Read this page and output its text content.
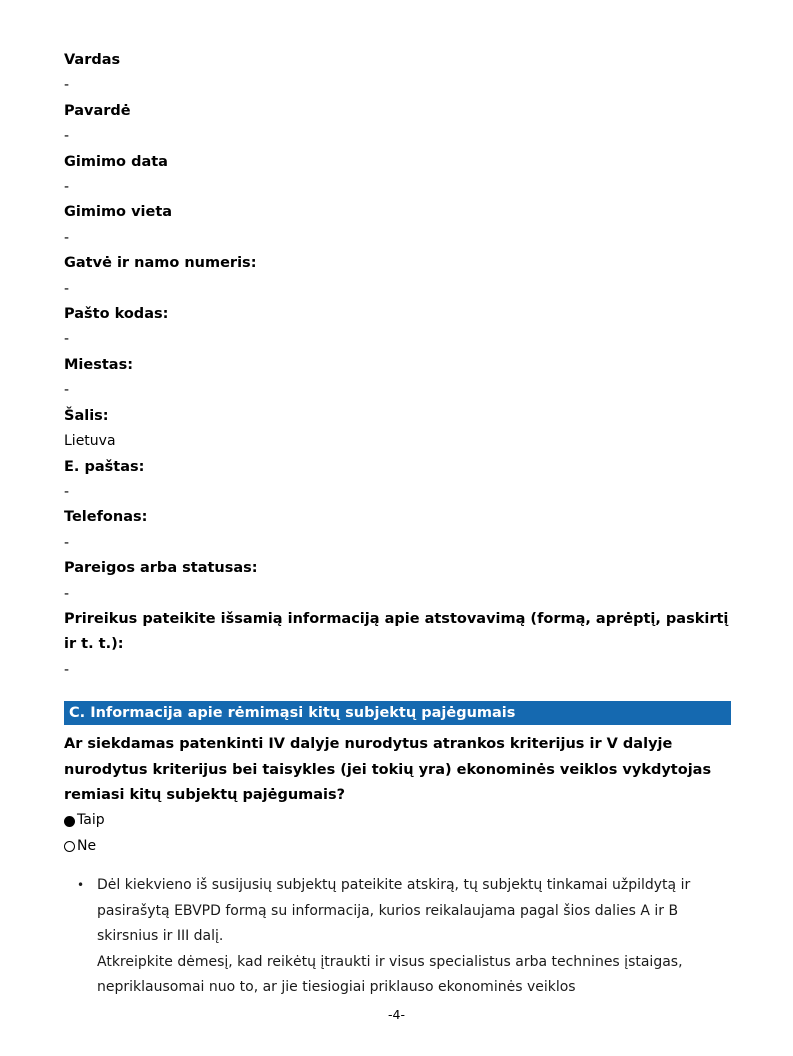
Vardas
-
Pavardė
-
Gimimo data
-
Gimimo vieta
-
Gatvė ir namo numeris:
-
Pašto kodas:
-
Miestas:
-
Šalis:
Lietuva
E. paštas:
-
Telefonas:
-
Pareigos arba statusas:
-
Prireikus pateikite išsamią informaciją apie atstovavimą (formą, aprėptį, paskirtį ir t. t.):
-
C. Informacija apie rėmimąsi kitų subjektų pajėgumais
Ar siekdamas patenkinti IV dalyje nurodytus atrankos kriterijus ir V dalyje nurodytus kriterijus bei taisykles (jei tokių yra) ekonominės veiklos vykdytojas remiasi kitų subjektų pajėgumais?
Taip
Ne
• Dėl kiekvieno iš susijusių subjektų pateikite atskirą, tų subjektų tinkamai užpildytą ir pasirašytą EBVPD formą su informacija, kurios reikalaujama pagal šios dalies A ir B skirsnius ir III dalį.
Atkreipkite dėmesį, kad reikėtų įtraukti ir visus specialistus arba technines įstaigas, nepriklausomai nuo to, ar jie tiesiogiai priklauso ekonominės veiklos
-4-
